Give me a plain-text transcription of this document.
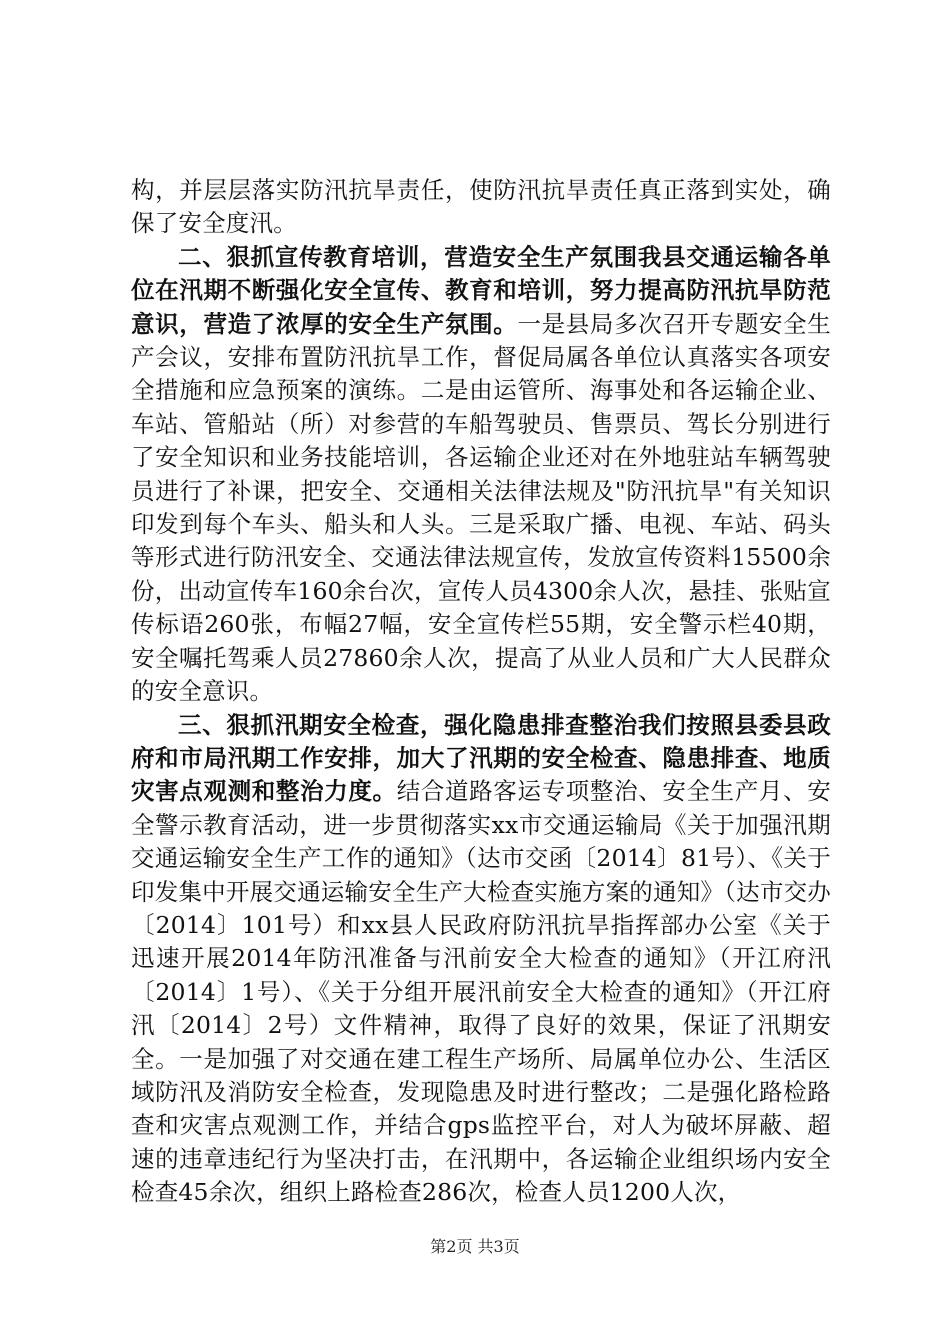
构，并层层落实防汛抗旱责任，使防汛抗旱责任真正落到实处，确保了安全度汛。

二、狠抓宣传教育培训，营造安全生产氛围我县交通运输各单位在汛期不断强化安全宣传、教育和培训，努力提高防汛抗旱防范意识，营造了浓厚的安全生产氛围。一是县局多次召开专题安全生产会议，安排布置防汛抗旱工作，督促局属各单位认真落实各项安全措施和应急预案的演练。二是由运管所、海事处和各运输企业、车站、管船站（所）对参营的车船驾驶员、售票员、驾长分别进行了安全知识和业务技能培训，各运输企业还对在外地驻站车辆驾驶员进行了补课，把安全、交通相关法律法规及"防汛抗旱"有关知识印发到每个车头、船头和人头。三是采取广播、电视、车站、码头等形式进行防汛安全、交通法律法规宣传，发放宣传资料15500余份，出动宣传车160余台次，宣传人员4300余人次，悬挂、张贴宣传标语260张，布幅27幅，安全宣传栏55期，安全警示栏40期，安全嘱托驾乘人员27860余人次，提高了从业人员和广大人民群众的安全意识。

三、狠抓汛期安全检查，强化隐患排查整治我们按照县委县政府和市局汛期工作安排，加大了汛期的安全检查、隐患排查、地质灾害点观测和整治力度。结合道路客运专项整治、安全生产月、安全警示教育活动，进一步贯彻落实xx市交通运输局《关于加强汛期交通运输安全生产工作的通知》（达市交函〔2014〕81号）、《关于印发集中开展交通运输安全生产大检查实施方案的通知》（达市交办〔2014〕101号）和xx县人民政府防汛抗旱指挥部办公室《关于迅速开展2014年防汛准备与汛前安全大检查的通知》（开江府汛〔2014〕1号）、《关于分组开展汛前安全大检查的通知》（开江府汛〔2014〕2号）文件精神，取得了良好的效果，保证了汛期安全。一是加强了对交通在建工程生产场所、局属单位办公、生活区域防汛及消防安全检查，发现隐患及时进行整改；二是强化路检路查和灾害点观测工作，并结合gps监控平台，对人为破坏屏蔽、超速的违章违纪行为坚决打击，在汛期中，各运输企业组织场内安全检查45余次，组织上路检查286次，检查人员1200人次，

第2页 共3页
